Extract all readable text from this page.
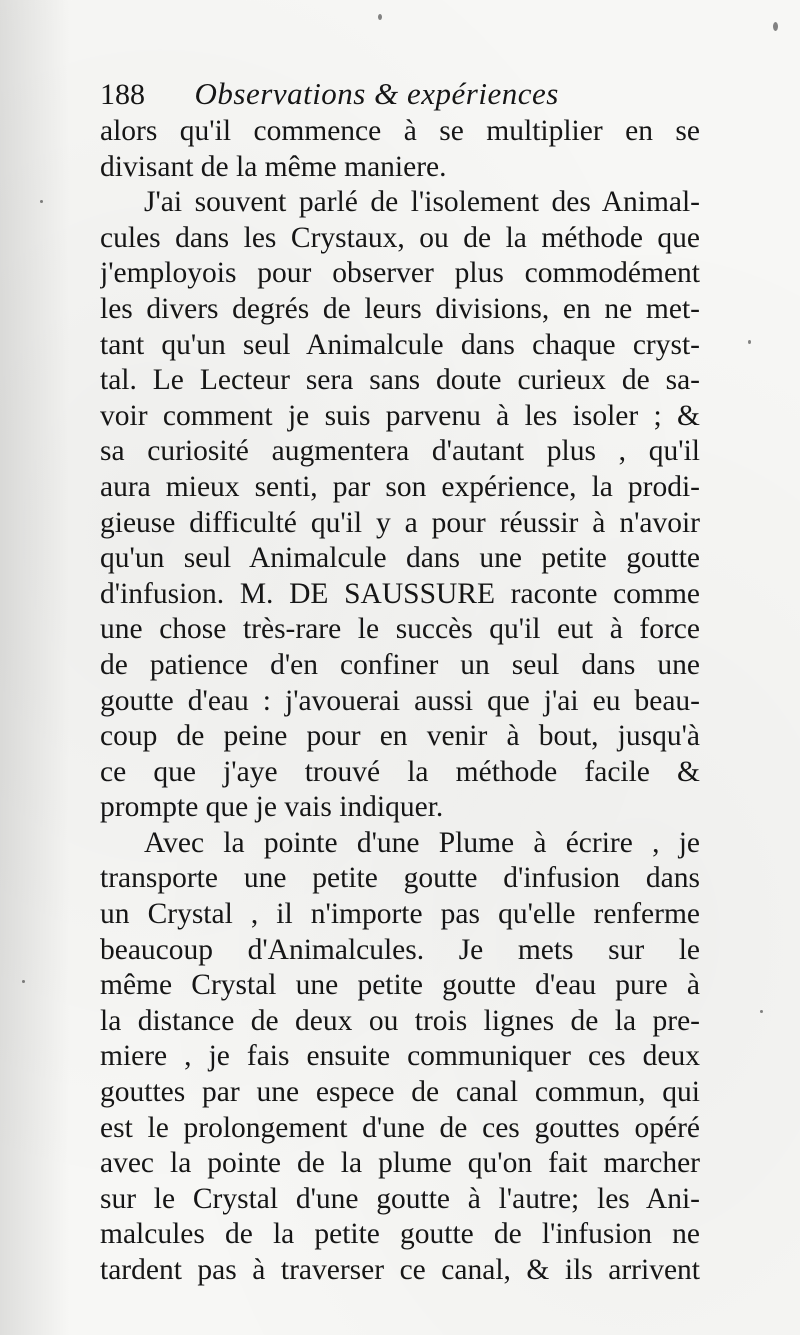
188 Observations & expériences
alors qu'il commence à se multiplier en se
divisant de la même maniere.
J'ai souvent parlé de l'isolement des Animal-
cules dans les Crystaux, ou de la méthode que
j'employois pour observer plus commodément
les divers degrés de leurs divisions, en ne met-
tant qu'un seul Animalcule dans chaque cryst-
tal. Le Lecteur sera sans doute curieux de sa-
voir comment je suis parvenu à les isoler ; &
sa curiosité augmentera d'autant plus , qu'il
aura mieux senti, par son expérience, la prodi-
gieuse difficulté qu'il y a pour réussir à n'avoir
qu'un seul Animalcule dans une petite goutte
d'infusion. M. DE SAUSSURE raconte comme
une chose très-rare le succès qu'il eut à force
de patience d'en confiner un seul dans une
goutte d'eau : j'avouerai aussi que j'ai eu beau-
coup de peine pour en venir à bout, jusqu'à
ce que j'aye trouvé la méthode facile &
prompte que je vais indiquer.
Avec la pointe d'une Plume à écrire , je
transporte une petite goutte d'infusion dans
un Crystal , il n'importe pas qu'elle renferme
beaucoup d'Animalcules. Je mets sur le
même Crystal une petite goutte d'eau pure à
la distance de deux ou trois lignes de la pre-
miere , je fais ensuite communiquer ces deux
gouttes par une espece de canal commun, qui
est le prolongement d'une de ces gouttes opéré
avec la pointe de la plume qu'on fait marcher
sur le Crystal d'une goutte à l'autre; les Ani-
malcules de la petite goutte de l'infusion ne
tardent pas à traverser ce canal, & ils arrivent
